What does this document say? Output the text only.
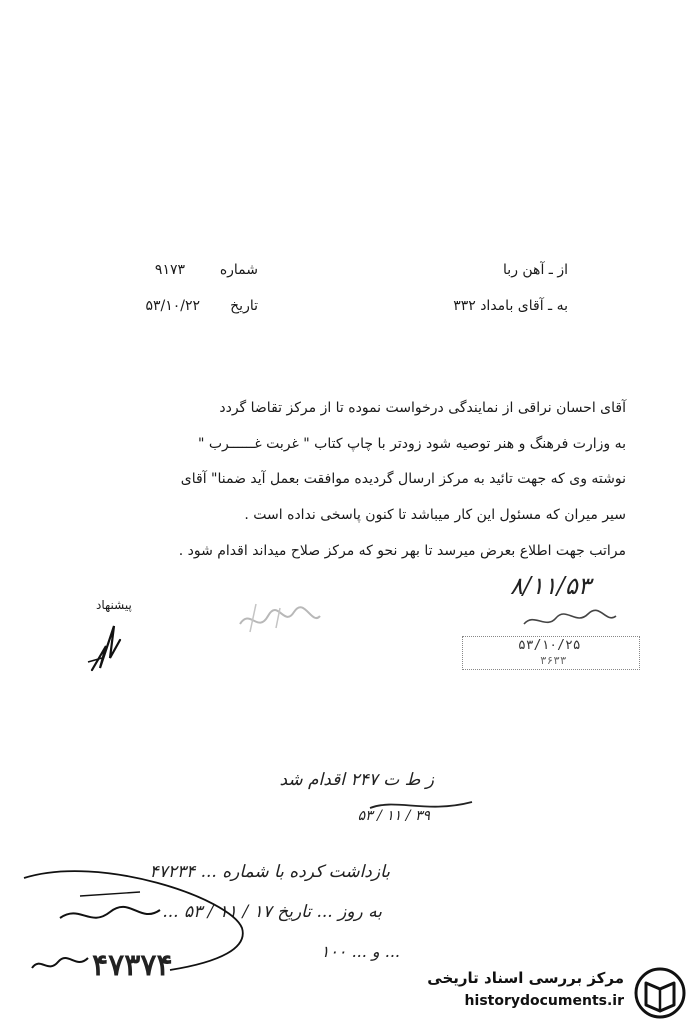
از ـ آهن ربا
شماره
۹۱۷۳
به ـ آقای بامداد ۳۳۲
تاریخ
۵۳/۱۰/۲۲
آقای احسان نراقی از نمایندگی درخواست نموده تا از مرکز تقاضا گردد
به وزارت فرهنگ و هنر توصیه شود زودتر با چاپ کتاب " غربت غــــــرب "
نوشته وی که جهت تائید به مرکز ارسال گردیده موافقت بعمل آید ضمنا" آقای
سیر میران که مسئول این کار میباشد تا کنون پاسخی نداده است .
مراتب جهت اطلاع بعرض میرسد تا بهر نحو که مرکز صلاح میداند اقدام شود .
پیشنهاد
۸/۱۱/۵۳
۵۳/۱۰/۲۵
۳۶۳۳
ز ط ت ۲۴۷ اقدام شد
۳۹ / ۱۱ / ۵۳
بازداشت کرده با شماره ... ۴۷۲۳۴
به روز ... تاریخ ۱۷ / ۱۱ / ۵۳ ...
... و ... ۱۰۰
۴۷۳۷۴	مرکز بررسی اسناد تاریخی
historydocuments.ir
